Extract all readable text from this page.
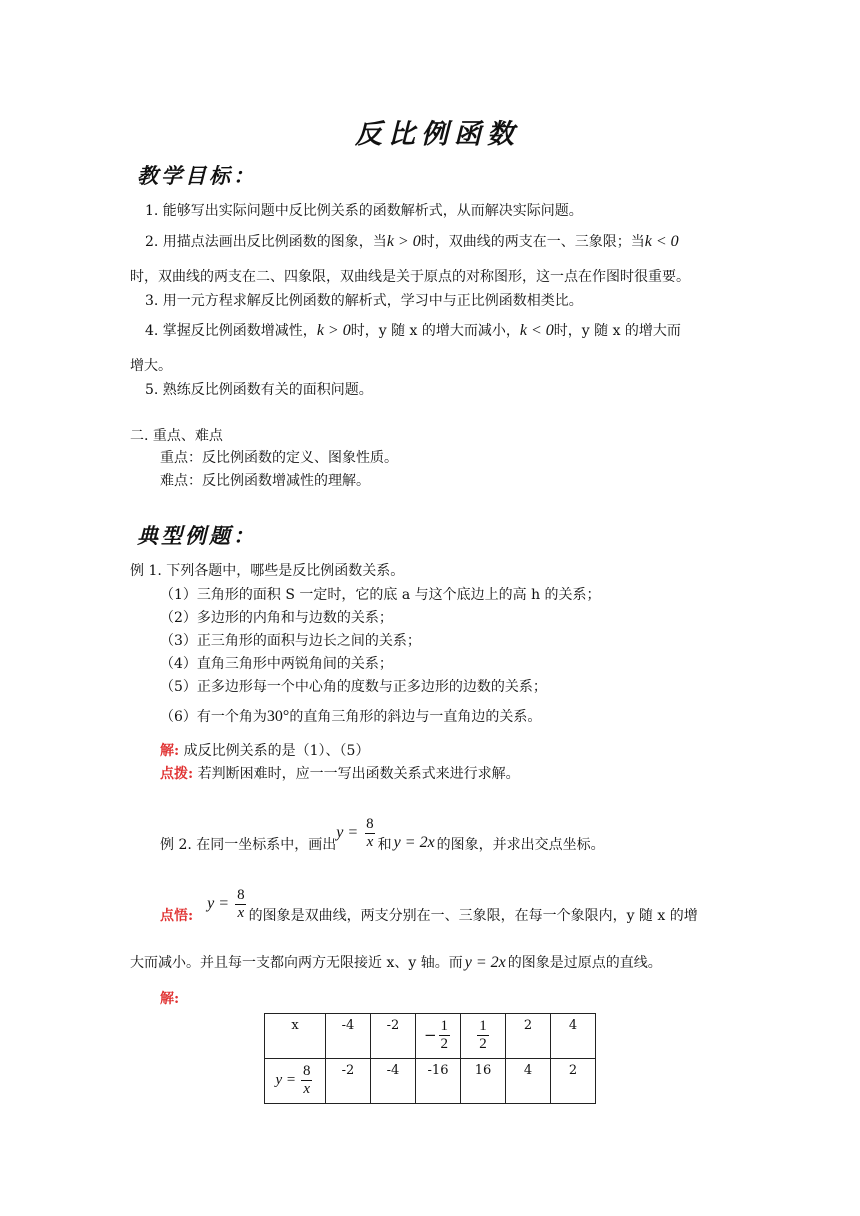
反比例函数
教学目标：
1. 能够写出实际问题中反比例关系的函数解析式，从而解决实际问题。
2. 用描点法画出反比例函数的图象，当k > 0时，双曲线的两支在一、三象限；当k < 0
时，双曲线的两支在二、四象限，双曲线是关于原点的对称图形，这一点在作图时很重要。
3. 用一元方程求解反比例函数的解析式，学习中与正比例函数相类比。
4. 掌握反比例函数增减性，k > 0时，y 随 x 的增大而减小，k < 0时，y 随 x 的增大而
增大。
5. 熟练反比例函数有关的面积问题。
二. 重点、难点
重点：反比例函数的定义、图象性质。
难点：反比例函数增减性的理解。
典型例题：
例 1. 下列各题中，哪些是反比例函数关系。
（1）三角形的面积 S 一定时，它的底 a 与这个底边上的高 h 的关系；
（2）多边形的内角和与边数的关系；
（3）正三角形的面积与边长之间的关系；
（4）直角三角形中两锐角间的关系；
（5）正多边形每一个中心角的度数与正多边形的边数的关系；
（6）有一个角为30°的直角三角形的斜边与一直角边的关系。
解: 成反比例关系的是（1）、（5）
点拨: 若判断困难时，应一一写出函数关系式来进行求解。
例 2. 在同一坐标系中，画出
$y = \frac{8}{x}$ 和 y = 2x 的图象，并求出交点坐标。
点悟:
$y = \frac{8}{x}$ 的图象是双曲线，两支分别在一、三象限，在每一个象限内，y 随 x 的增
大而减小。并且每一支都向两方无限接近 x、y 轴。而 y = 2x 的图象是过原点的直线。
解:
x	-4	-2	− $\frac{1}{2}$	$\frac{1}{2}$	2	4

$y = \frac{8}{x}$	-2	-4	-16	16	4	2
